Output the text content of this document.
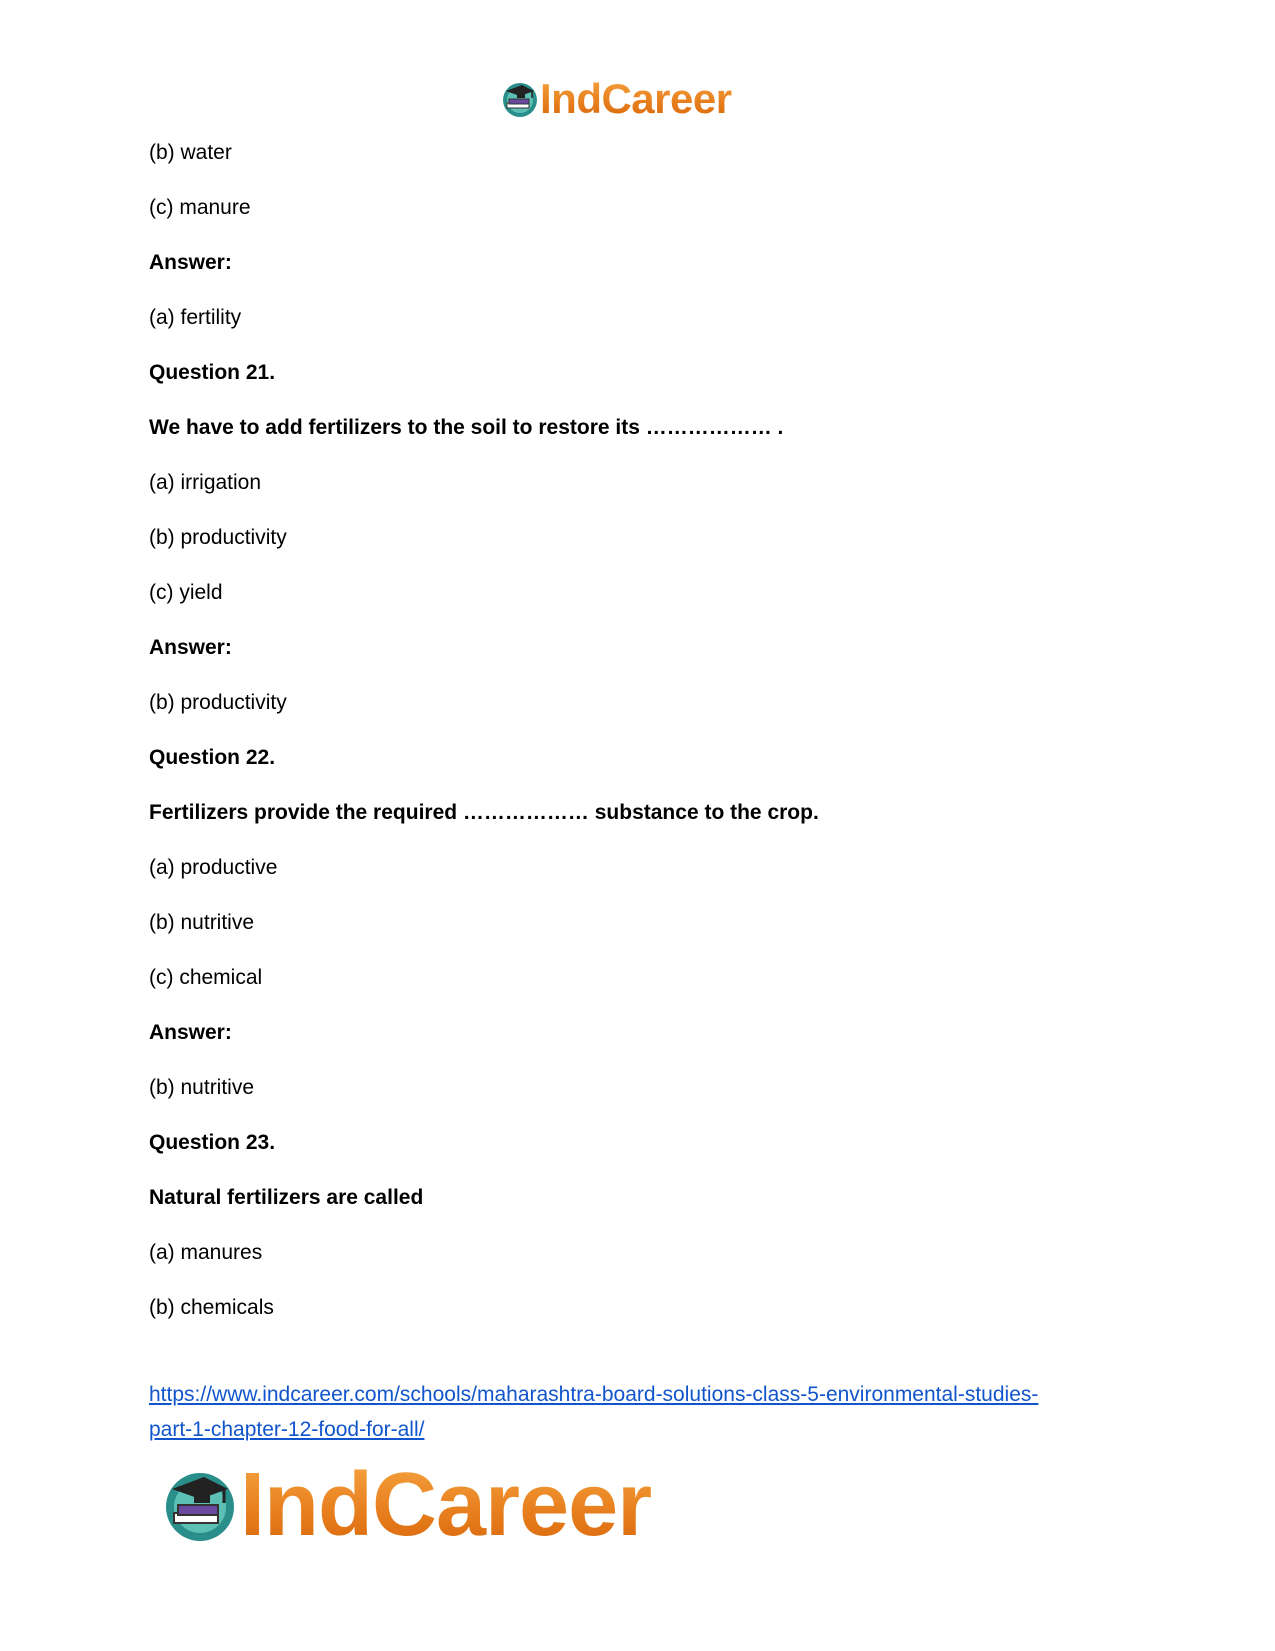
IndCareer
(b) water
(c) manure
Answer:
(a) fertility
Question 21.
We have to add fertilizers to the soil to restore its ……………… .
(a) irrigation
(b) productivity
(c) yield
Answer:
(b) productivity
Question 22.
Fertilizers provide the required ……………… substance to the crop.
(a) productive
(b) nutritive
(c) chemical
Answer:
(b) nutritive
Question 23.
Natural fertilizers are called
(a) manures
(b) chemicals
https://www.indcareer.com/schools/maharashtra-board-solutions-class-5-environmental-studies-
part-1-chapter-12-food-for-all/
IndCareer
